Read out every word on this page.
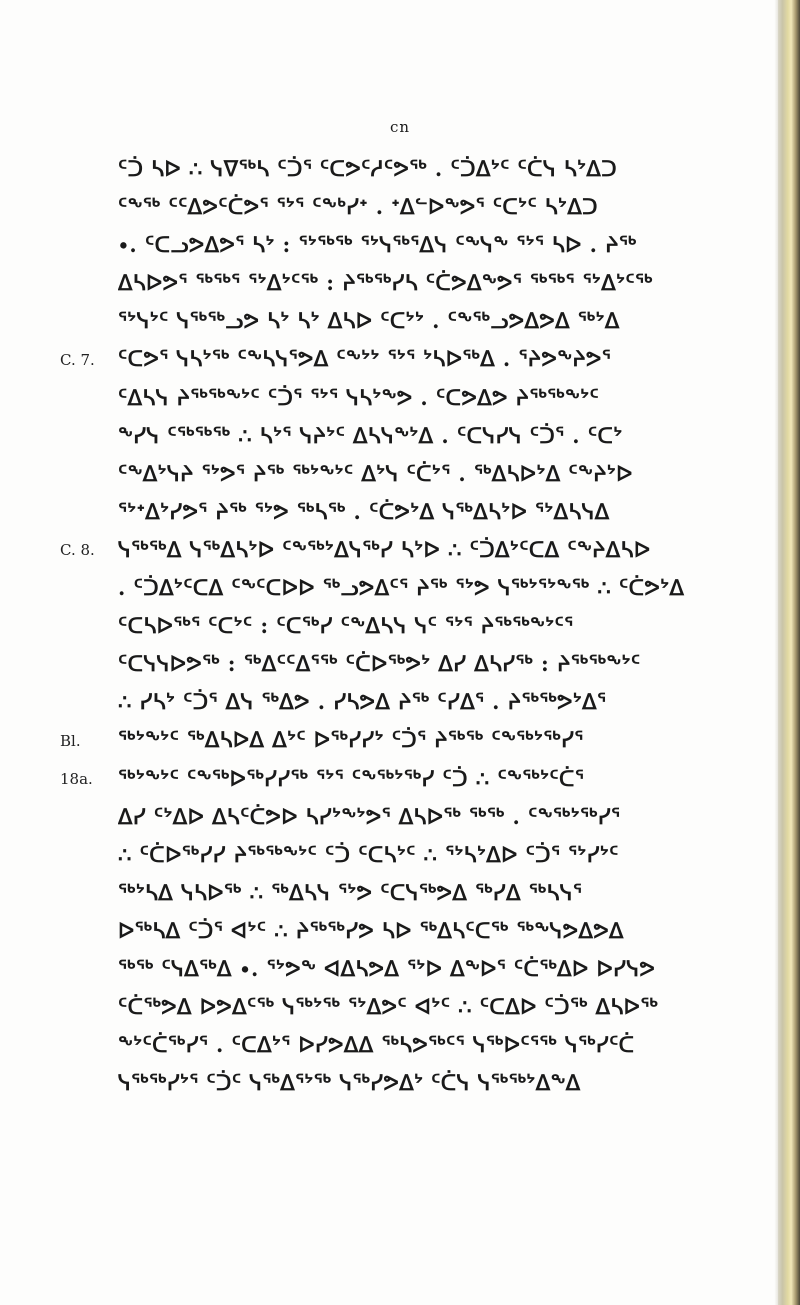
cn
ᑦᑑ ᓴᐅ ∴ ᓭᐁᖅᓴ ᑦᑑᕐ ᑦᑕᕗᑦᓱᑦᕗᖅ . ᑦᑑᐃᔾᑦ ᑦᑖᓭ ᓴᔾᐃᑐ
ᑦᖕᖅ ᑦᑦᐃᕗᑦᑖᕗᕐ ᕐᔾᕐ ᑦᖕᒃᓯᐩ . ᐩᐃᓪᐅᖕᕗᕐ ᑦᑕᔾᑦ ᓴᔾᐃᑐ
∙. ᑦᑕᓗᕗᐃᕗᕐ ᓴᔾ : ᕐᔾᖅᖅ ᕐᔾᓭᖅᕐᐃᓭ ᑦᖕᓭᖕ ᕐᔾᕐ ᓴᐅ . ᔨᖅ
ᐃᓴᐅᕗᕐ ᖅᖅᕐ ᕐᔾᐃᔾᑦᖅ : ᔨᖅᖅᓯᓴ ᑦᑖᕗᐃᖕᕗᕐ ᖅᖅᕐ ᕐᔾᐃᔾᑦᖅ
ᕐᔾᓭᔾᑦ ᓭᖅᖅᓗᕗ ᓴᔾ ᓴᔾ ᐃᓴᐅ ᑦᑕᔾᔾ . ᑦᖕᖅᓗᕗᐃᕗᐃ ᖅᔾᐃ
ᑦᑕᕗᕐ ᓭᓴᔾᖅ ᑦᖕᓴᓭᕐᕗᐃ ᑦᖕᔾᔾ ᕐᔾᕐ ᔾᓴᐅᖅᐃ . ᕐᔨᕗᖕᔨᕗᕐ
ᑦᐃᓴᓭ ᔨᖅᖅᖕᔾᑦ ᑦᑑᕐ ᕐᔾᕐ ᓭᓴᔾᖕᕗ . ᑦᑕᕗᐃᕗ ᔨᖅᖅᖕᔾᑦ
ᖕᓯᓭ ᑦᖅᖅᖅ ∴ ᓴᔾᕐ ᓭᔨᔾᑦ ᐃᓴᓭᖕᔾᐃ . ᑦᑕᓭᓯᓭ ᑦᑑᕐ . ᑦᑕᔾ
ᑦᖕᐃᔾᓭᔨ ᕐᔾᕗᕐ ᔨᖅ ᖅᔾᖕᔾᑦ ᐃᔾᓭ ᑦᑖᔾᕐ . ᖅᐃᓴᐅᔾᐃ ᑦᖕᔨᔾᐅ
ᕐᔾᐩᐃᔾᓯᕗᕐ ᔨᖅ ᕐᔾᕗ ᖅᓴᖅ . ᑦᑖᕗᔾᐃ ᓭᖅᐃᓴᔾᐅ ᕐᔾᐃᓴᓭᐃ
ᓭᖅᖅᐃ ᓭᖅᐃᓴᔾᐅ ᑦᖕᖅᔾᐃᓭᖅᓯ ᓴᔾᐅ ∴ ᑦᑑᐃᔾᑦᑕᐃ ᑦᖕᔨᐃᓴᐅ
. ᑦᑑᐃᔾᑦᑕᐃ ᑦᖕᑦᑕᐅᐅ ᖅᓗᕗᐃᑦᕐ ᔨᖅ ᕐᔾᕗ ᓭᖅᔾᕐᔾᖕᖅ ∴ ᑦᑖᕗᔾᐃ
ᑦᑕᓴᐅᖅᕐ ᑦᑕᔾᑦ : ᑦᑕᖅᓯ ᑦᖕᐃᓴᓭ ᓭᑦ ᕐᔾᕐ ᔨᖅᖅᖕᔾᑦᕐ
ᑦᑕᓭᓭᐅᕗᖅ : ᖅᐃᑦᑦᐃᕐᖅ ᑦᑖᐅᖅᕗᔾ ᐃᓯ ᐃᓴᓯᖅ : ᔨᖅᖅᖕᔾᑦ
∴ ᓯᓴᔾ ᑦᑑᕐ ᐃᓭ ᖅᐃᕗ . ᓯᓴᕗᐃ ᔨᖅ ᑦᓯᐃᕐ . ᔨᖅᖅᕗᔾᐃᕐ
ᖅᔾᖕᔾᑦ ᖅᐃᓴᐅᐃ ᐃᔾᑦ ᐅᖅᓯᓯᔾ ᑦᑑᕐ ᔨᖅᖅ ᑦᖕᖅᔾᖅᓯᕐ
ᖅᔾᖕᔾᑦ ᑦᖕᖅᐅᖅᓯᓯᖅ ᕐᔾᕐ ᑦᖕᖅᔾᖅᓯ ᑦᑑ ∴ ᑦᖕᖅᔾᑦᑖᕐ
ᐃᓯ ᑦᔾᐃᐅ ᐃᓴᑦᑖᕗᐅ ᓴᓯᔾᖕᔾᕗᕐ ᐃᓴᐅᖅ ᖅᖅ . ᑦᖕᖅᔾᖅᓯᕐ
∴ ᑦᑖᐅᖅᓯᓯ ᔨᖅᖅᖕᔾᑦ ᑦᑑ ᑦᑕᓴᔾᑦ ∴ ᕐᔾᓴᔾᐃᐅ ᑦᑑᕐ ᕐᔾᓯᔾᑦ
ᖅᔾᓴᐃ ᓭᓴᐅᖅ ∴ ᖅᐃᓴᓭ ᕐᔾᕗ ᑦᑕᓭᖅᕗᐃ ᖅᓯᐃ ᖅᓴᓭᕐ
ᐅᖅᓴᐃ ᑦᑑᕐ ᐊᔾᑦ ∴ ᔨᖅᖅᓯᕗ ᓴᐅ ᖅᐃᓴᑦᑕᖅ ᖅᖕᓭᕗᐃᕗᐃ
ᖅᖅ ᑦᓭᐃᖅᐃ ∙. ᕐᔾᕗᖕ ᐊᐃᓴᕗᐃ ᕐᔾᐅ ᐃᖕᐅᕐ ᑦᑖᖅᐃᐅ ᐅᓯᓭᕗ
ᑦᑖᖅᕗᐃ ᐅᕗᐃᑦᖅ ᓭᖅᔾᖅ ᕐᔾᐃᕗᑦ ᐊᔾᑦ ∴ ᑦᑕᐃᐅ ᑦᑑᖅ ᐃᓴᐅᖅ
ᖕᔾᑦᑖᖅᓯᕐ . ᑦᑕᐃᔾᕐ ᐅᓯᕗᐃᐃ ᖅᓴᕗᖅᑦᕐ ᓭᖅᐅᑦᕐᖅ ᓭᖅᓯᑦᑖ
ᓭᖅᖅᓯᔾᕐ ᑦᑑᑦ ᓭᖅᐃᕐᔾᖅ ᓭᖅᓯᕗᐃᔾ ᑦᑖᓭ ᓭᖅᖅᔾᐃᖕᐃ
C. 7.
C. 8.
Bl. 18a.
